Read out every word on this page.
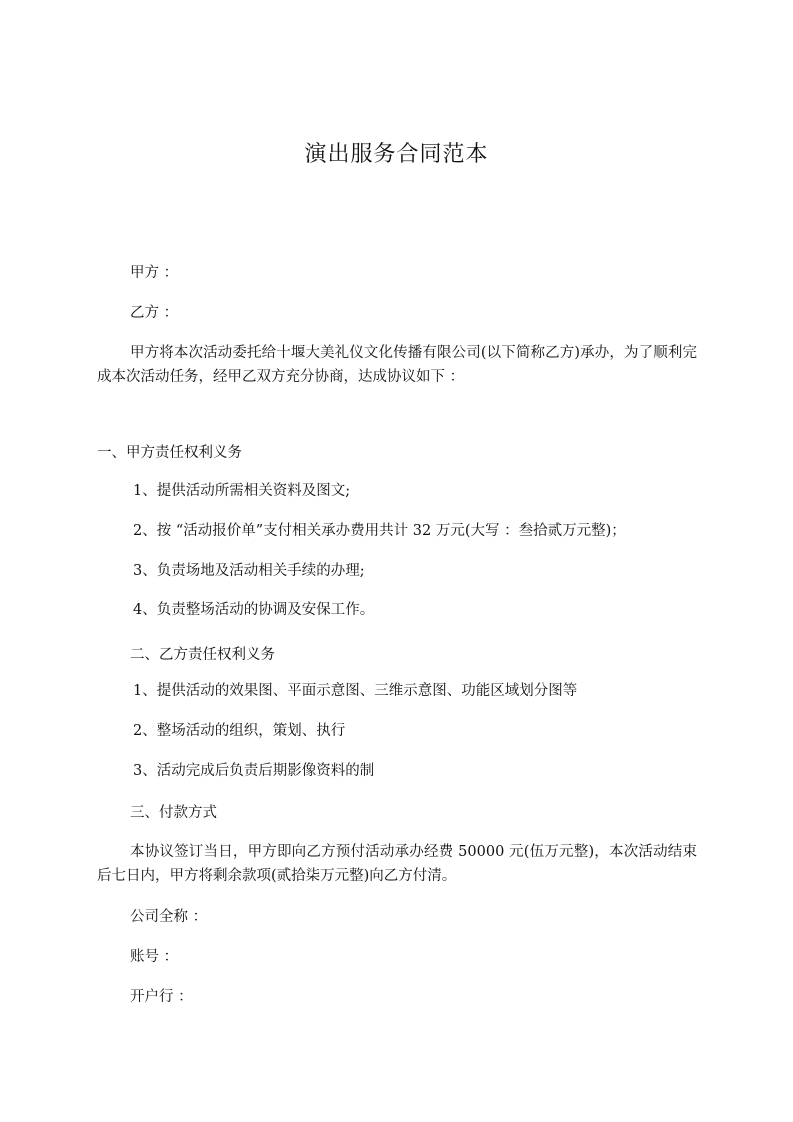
演出服务合同范本
甲方 ：
乙方 ：
甲方将本次活动委托给十堰大美礼仪文化传播有限公司(以下简称乙方)承办，为了顺利完成本次活动任务，经甲乙双方充分协商，达成协议如下 ：
一、甲方责任权利义务
1、提供活动所需相关资料及图文;
2、按 “活动报价单”支付相关承办费用共计 32 万元(大写 ：叁拾贰万元整)；
3、负责场地及活动相关手续的办理;
4、负责整场活动的协调及安保工作。
二、乙方责任权利义务
1、提供活动的效果图、平面示意图、三维示意图、功能区域划分图等
2、整场活动的组织，策划、执行
3、活动完成后负责后期影像资料的制
三、付款方式
本协议签订当日，甲方即向乙方预付活动承办经费 50000 元(伍万元整)，本次活动结束后七日内，甲方将剩余款项(贰拾柒万元整)向乙方付清。
公司全称 ：
账号 ：
开户行 ：
